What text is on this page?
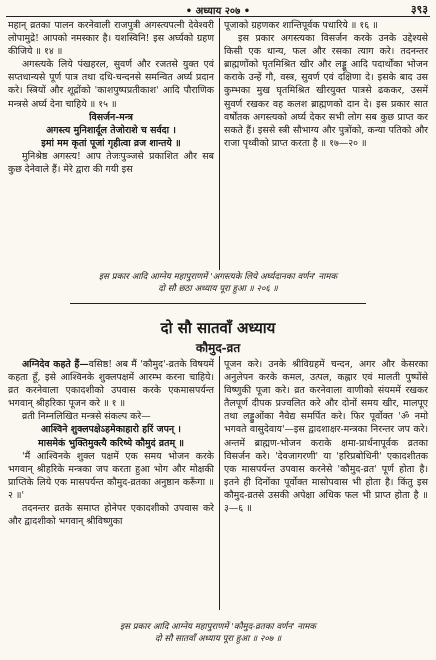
• अध्याय २०७ •	३९३

महान् व्रतका पालन करनेवाली राजपुत्री अगस्त्यपत्नी देवेश्वरी लोपामुद्रे! आपको नमस्कार है। यशस्विनि! इस अर्घ्यको ग्रहण कीजिये ॥ १४ ॥

अगस्त्यके लिये पंखहरल, सुवर्ण और रजतसे युक्त एवं सप्तधान्यसे पूर्ण पात्र तथा दधि-चन्दनसे समन्वित अर्घ्य प्रदान करे। स्त्रियों और शूद्रोंको 'काशपुष्पप्रतीकाश' आदि पौराणिक मन्त्रसे अर्घ्य देना चाहिये ॥ १५ ॥

विसर्जन-मन्त्र

अगस्त्य मुनिशार्दूल तेजोराशे च सर्वदा ।

इमां मम कृतां पूजां गृहीत्वा व्रज शान्तये ॥

मुनिश्रेष्ठ अगस्त्य! आप तेजःपुञ्जसे प्रकाशित और सब कुछ देनेवाले हैं। मेरे द्वारा की गयी इस

पूजाको ग्रहणकर शान्तिपूर्वक पधारिये ॥ १६ ॥

इस प्रकार अगस्त्यका विसर्जन करके उनके उद्देश्यसे किसी एक धान्य, फल और रसका त्याग करे। तदनन्तर ब्राह्मणोंको घृतमिश्रित खीर और लड्डू आदि पदार्थोंका भोजन कराके उन्हें गौ, वस्त्र, सुवर्ण एवं दक्षिणा दे। इसके बाद उस कुम्भका मुख घृतमिश्रित खीरयुक्त पात्रसे ढककर, उसमें सुवर्ण रखकर वह कलश ब्राह्मणको दान दे। इस प्रकार सात वर्षोंतक अगस्त्यको अर्घ्य देकर सभी लोग सब कुछ प्राप्त कर सकते हैं। इससे स्त्री सौभाग्य और पुत्रोंको, कन्या पतिको और राजा पृथ्वीको प्राप्त करता है ॥ १७—२० ॥

इस प्रकार आदि आग्नेय महापुराणमें 'अगस्त्यके लिये अर्घ्यदानका वर्णन' नामक
दो सौ छठा अध्याय पूरा हुआ ॥ २०६ ॥
दो सौ सातवाँ अध्याय
कौमुद-व्रत

अग्निदेव कहते हैं—वसिष्ठ! अब मैं 'कौमुद'-व्रतके विषयमें कहता हूँ, इसे आश्विनके शुक्लपक्षमें आरम्भ करना चाहिये। व्रत करनेवाला एकादशीको उपवास करके एकमासपर्यन्त भगवान् श्रीहरिका पूजन करे ॥ १ ॥

व्रती निम्नलिखित मन्त्रसे संकल्प करे—

आश्विने शुक्लपक्षेऽहमेकाहारो हरिं जपन् ।

मासमेकं भुक्तिमुक्त्यै करिष्ये कौमुदं व्रतम् ॥

'मैं आश्विनके शुक्ल पक्षमें एक समय भोजन करके भगवान् श्रीहरिके मन्त्रका जप करता हुआ भोग और मोक्षकी प्राप्तिके लिये एक मासपर्यन्त कौमुद-व्रतका अनुष्ठान करूँगा ॥ २ ॥'

तदनन्तर व्रतके समाप्त होनेपर एकादशीको उपवास करे और द्वादशीको भगवान् श्रीविष्णुका

पूजन करे। उनके श्रीविग्रहमें चन्दन, अगर और केसरका अनुलेपन करके कमल, उत्पल, कह्लार एवं मालती पुष्पोंसे विष्णुकी पूजा करे। व्रत करनेवाला वाणीको संयममें रखकर तैलपूर्ण दीपक प्रज्वलित करे और दोनों समय खीर, मालपूए तथा लड्डुओंका नैवेद्य समर्पित करे। फिर पूर्वोक्त 'ॐ नमो भगवते वासुदेवाय'—इस द्वादशाक्षर-मन्त्रका निरन्तर जप करे। अन्तमें ब्राह्मण-भोजन कराके क्षमा-प्रार्थनापूर्वक व्रतका विसर्जन करे। 'देवजागरणी' या 'हरिप्रबोधिनी' एकादशीतक एक मासपर्यन्त उपवास करनेसे 'कौमुद-व्रत' पूर्ण होता है। इतने ही दिनोंका पूर्वोक्त मासोपवास भी होता है। किंतु इस कौमुद-व्रतसे उसकी अपेक्षा अधिक फल भी प्राप्त होता है ॥ ३—६ ॥

इस प्रकार आदि आग्नेय महापुराणमें 'कौमुद-व्रतका वर्णन' नामक
दो सौ सातवाँ अध्याय पूरा हुआ ॥ २०७ ॥
